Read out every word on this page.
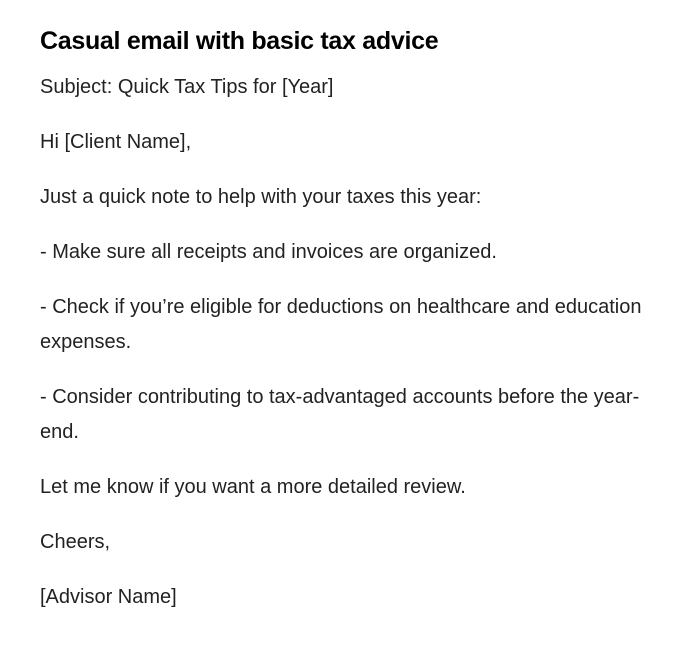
Casual email with basic tax advice

Subject: Quick Tax Tips for [Year]

Hi [Client Name],

Just a quick note to help with your taxes this year:

- Make sure all receipts and invoices are organized.

- Check if you’re eligible for deductions on healthcare and education expenses.

- Consider contributing to tax-advantaged accounts before the year-end.

Let me know if you want a more detailed review.

Cheers,

[Advisor Name]
